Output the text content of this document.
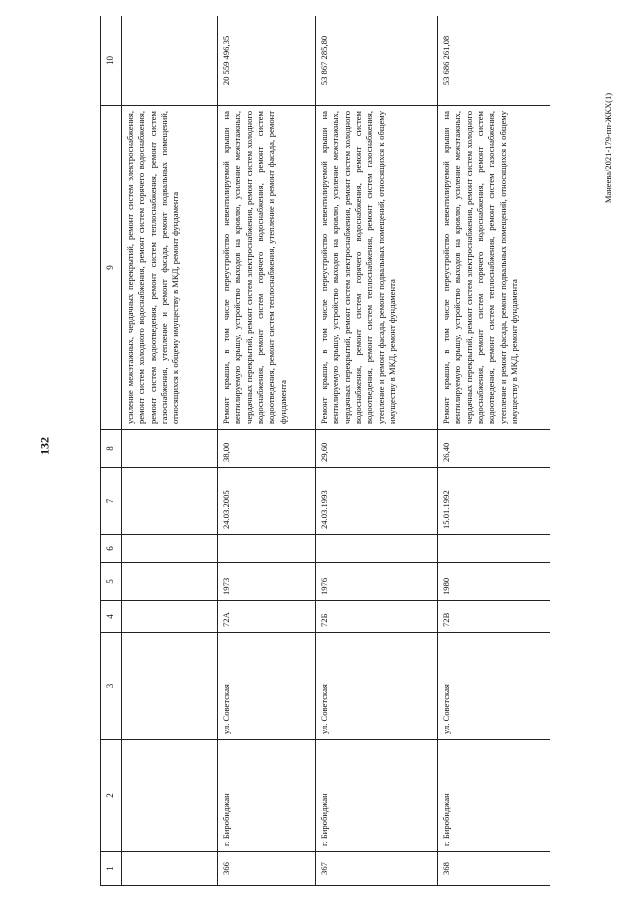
132
Манеева/2021-179-пп-ЖКХ(1)
1	2	3	4	5	6	7	8	9	10
								усиление межэтажных, чердачных перекрытий, ремонт систем электроснабжения, ремонт систем холодного водоснабжения, ремонт систем горячего водоснабжения, ремонт систем водоотведения, ремонт систем теплоснабжения, ремонт систем газоснабжения, утепление и ремонт фасада, ремонт подвальных помещений, относящихся к общему имуществу в МКД, ремонт фундамента	
366	г. Биробиджан	ул. Советская	72А	1973		24.03.2005	38,00	Ремонт крыши, в том числе переустройство невентилируемой крыши на вентилируемую крышу, устройство выходов на кровлю, усиление межэтажных, чердачных перекрытий, ремонт систем электроснабжения, ремонт систем холодного водоснабжения, ремонт систем горячего водоснабжения, ремонт систем водоотведения, ремонт систем теплоснабжения, утепление и ремонт фасада, ремонт фундамента	20 559 496,35
367	г. Биробиджан	ул. Советская	72Б	1976		24.03.1993	29,60	Ремонт крыши, в том числе переустройство невентилируемой крыши на вентилируемую крышу, устройство выходов на кровлю, усиление межэтажных, чердачных перекрытий, ремонт систем электроснабжения, ремонт систем холодного водоснабжения, ремонт систем горячего водоснабжения, ремонт систем водоотведения, ремонт систем теплоснабжения, ремонт систем газоснабжения, утепление и ремонт фасада, ремонт подвальных помещений, относящихся к общему имуществу в МКД, ремонт фундамента	53 867 285,80
368	г. Биробиджан	ул. Советская	72В	1980		15.01.1992	26,40	Ремонт крыши, в том числе переустройство невентилируемой крыши на вентилируемую крышу, устройство выходов на кровлю, усиление межэтажных, чердачных перекрытий, ремонт систем электроснабжения, ремонт систем холодного водоснабжения, ремонт систем горячего водоснабжения, ремонт систем водоотведения, ремонт систем теплоснабжения, ремонт систем газоснабжения, утепление и ремонт фасада, ремонт подвальных помещений, относящихся к общему имуществу в МКД, ремонт фундамента	53 686 261,08
